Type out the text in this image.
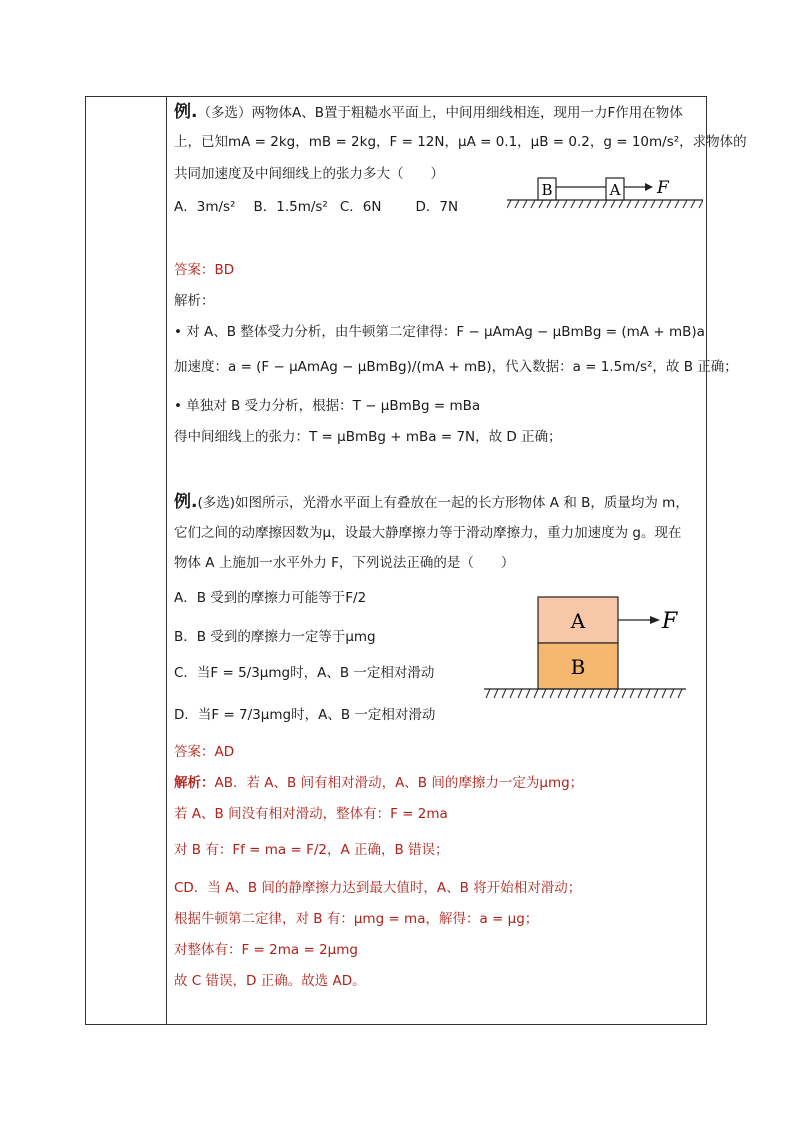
例.（多选）两物体A、B置于粗糙水平面上，中间用细线相连，现用一力F作用在物体
上，已知mA = 2kg，mB = 2kg，F = 12N，μA = 0.1，μB = 0.2，g = 10m/s²，求物体的
共同加速度及中间细线上的张力多大（　　）
B	A F
A．3m/s² B．1.5m/s² C．6N	D．7N
答案：BD
解析：
• 对 A、B 整体受力分析，由牛顿第二定律得：F − μAmAg − μBmBg = (mA + mB)a
加速度：a = (F − μAmAg − μBmBg)/(mA + mB)，代入数据：a = 1.5m/s²，故 B 正确；
• 单独对 B 受力分析，根据：T − μBmBg = mBa
得中间细线上的张力：T = μBmBg + mBa = 7N，故 D 正确；
例.(多选)如图所示，光滑水平面上有叠放在一起的长方形物体 A 和 B，质量均为 m，
它们之间的动摩擦因数为μ，设最大静摩擦力等于滑动摩擦力，重力加速度为 g。现在
物体 A 上施加一水平外力 F，下列说法正确的是（　　）
A．B 受到的摩擦力可能等于F/2
B．B 受到的摩擦力一定等于μmg
C．当F = 5/3μmg时，A、B 一定相对滑动
D．当F = 7/3μmg时，A、B 一定相对滑动
A
B
F
答案：AD
解析：AB．若 A、B 间有相对滑动，A、B 间的摩擦力一定为μmg；
若 A、B 间没有相对滑动，整体有：F = 2ma
对 B 有：Ff = ma = F/2，A 正确，B 错误；
CD．当 A、B 间的静摩擦力达到最大值时，A、B 将开始相对滑动；
根据牛顿第二定律，对 B 有：μmg = ma，解得：a = μg；
对整体有：F = 2ma = 2μmg
故 C 错误，D 正确。故选 AD。
